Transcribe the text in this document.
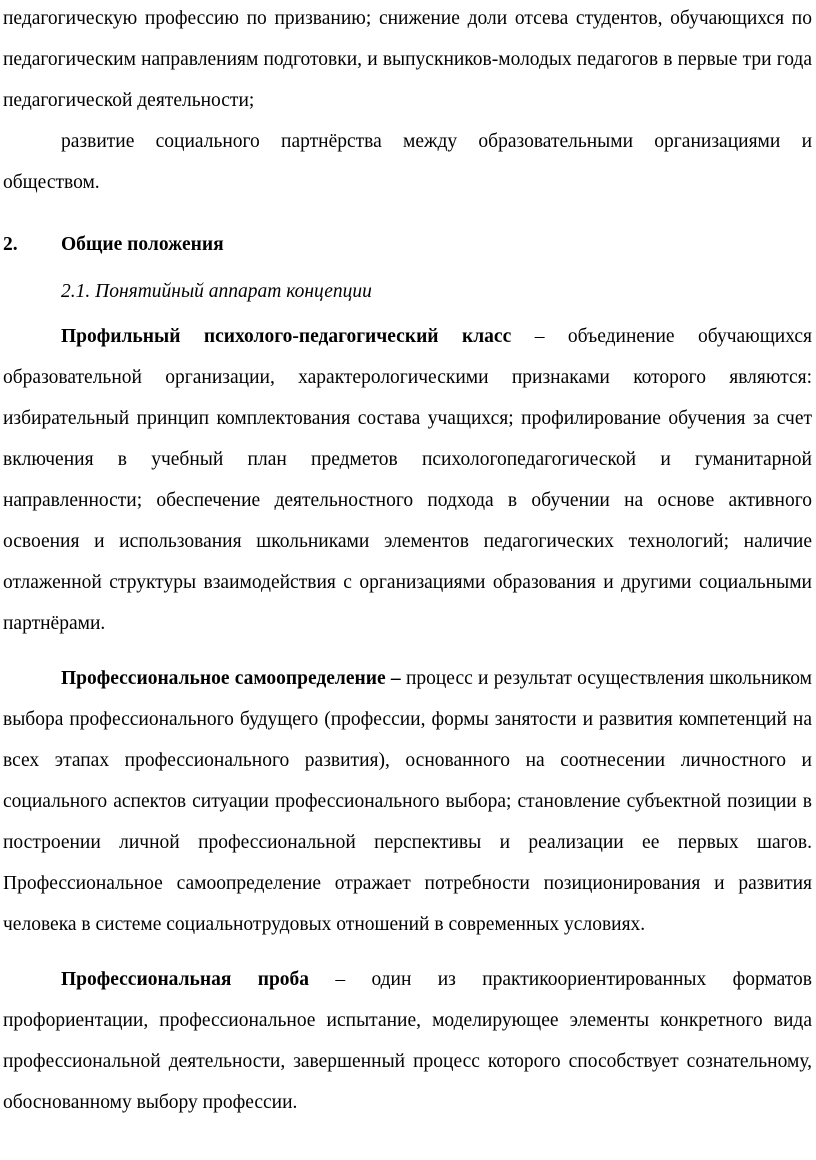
педагогическую профессию по призванию; снижение доли отсева студентов, обучающихся по педагогическим направлениям подготовки, и выпускников-молодых педагогов в первые три года педагогической деятельности;

развитие социального партнёрства между образовательными организациями и обществом.

2.	Общие положения

2.1. Понятийный аппарат концепции

Профильный психолого-педагогический класс – объединение обучающихся образовательной организации, характерологическими признаками которого являются: избирательный принцип комплектования состава учащихся; профилирование обучения за счет включения в учебный план предметов психологопедагогической и гуманитарной направленности; обеспечение деятельностного подхода в обучении на основе активного освоения и использования школьниками элементов педагогических технологий; наличие отлаженной структуры взаимодействия с организациями образования и другими социальными партнёрами.

Профессиональное самоопределение – процесс и результат осуществления школьником выбора профессионального будущего (профессии, формы занятости и развития компетенций на всех этапах профессионального развития), основанного на соотнесении личностного и социального аспектов ситуации профессионального выбора; становление субъектной позиции в построении личной профессиональной перспективы и реализации ее первых шагов. Профессиональное самоопределение отражает потребности позиционирования и развития человека в системе социальнотрудовых отношений в современных условиях.

Профессиональная проба – один из практикоориентированных форматов профориентации, профессиональное испытание, моделирующее элементы конкретного вида профессиональной деятельности, завершенный процесс которого способствует сознательному, обоснованному выбору профессии.
